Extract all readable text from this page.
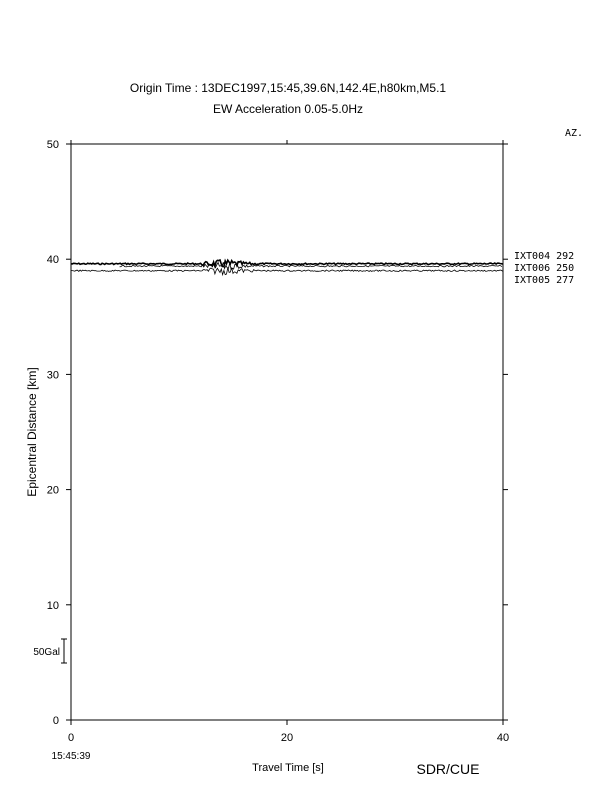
Origin Time : 13DEC1997,15:45,39.6N,142.4E,h80km,M5.1
EW Acceleration 0.05-5.0Hz
AZ.
0
10
20
30
40
50
0	20	40
IXT004 292
IXT006 250
IXT005 277
Epicentral Distance [km]
Travel Time [s]
15:45:39
SDR/CUE
50Gal
